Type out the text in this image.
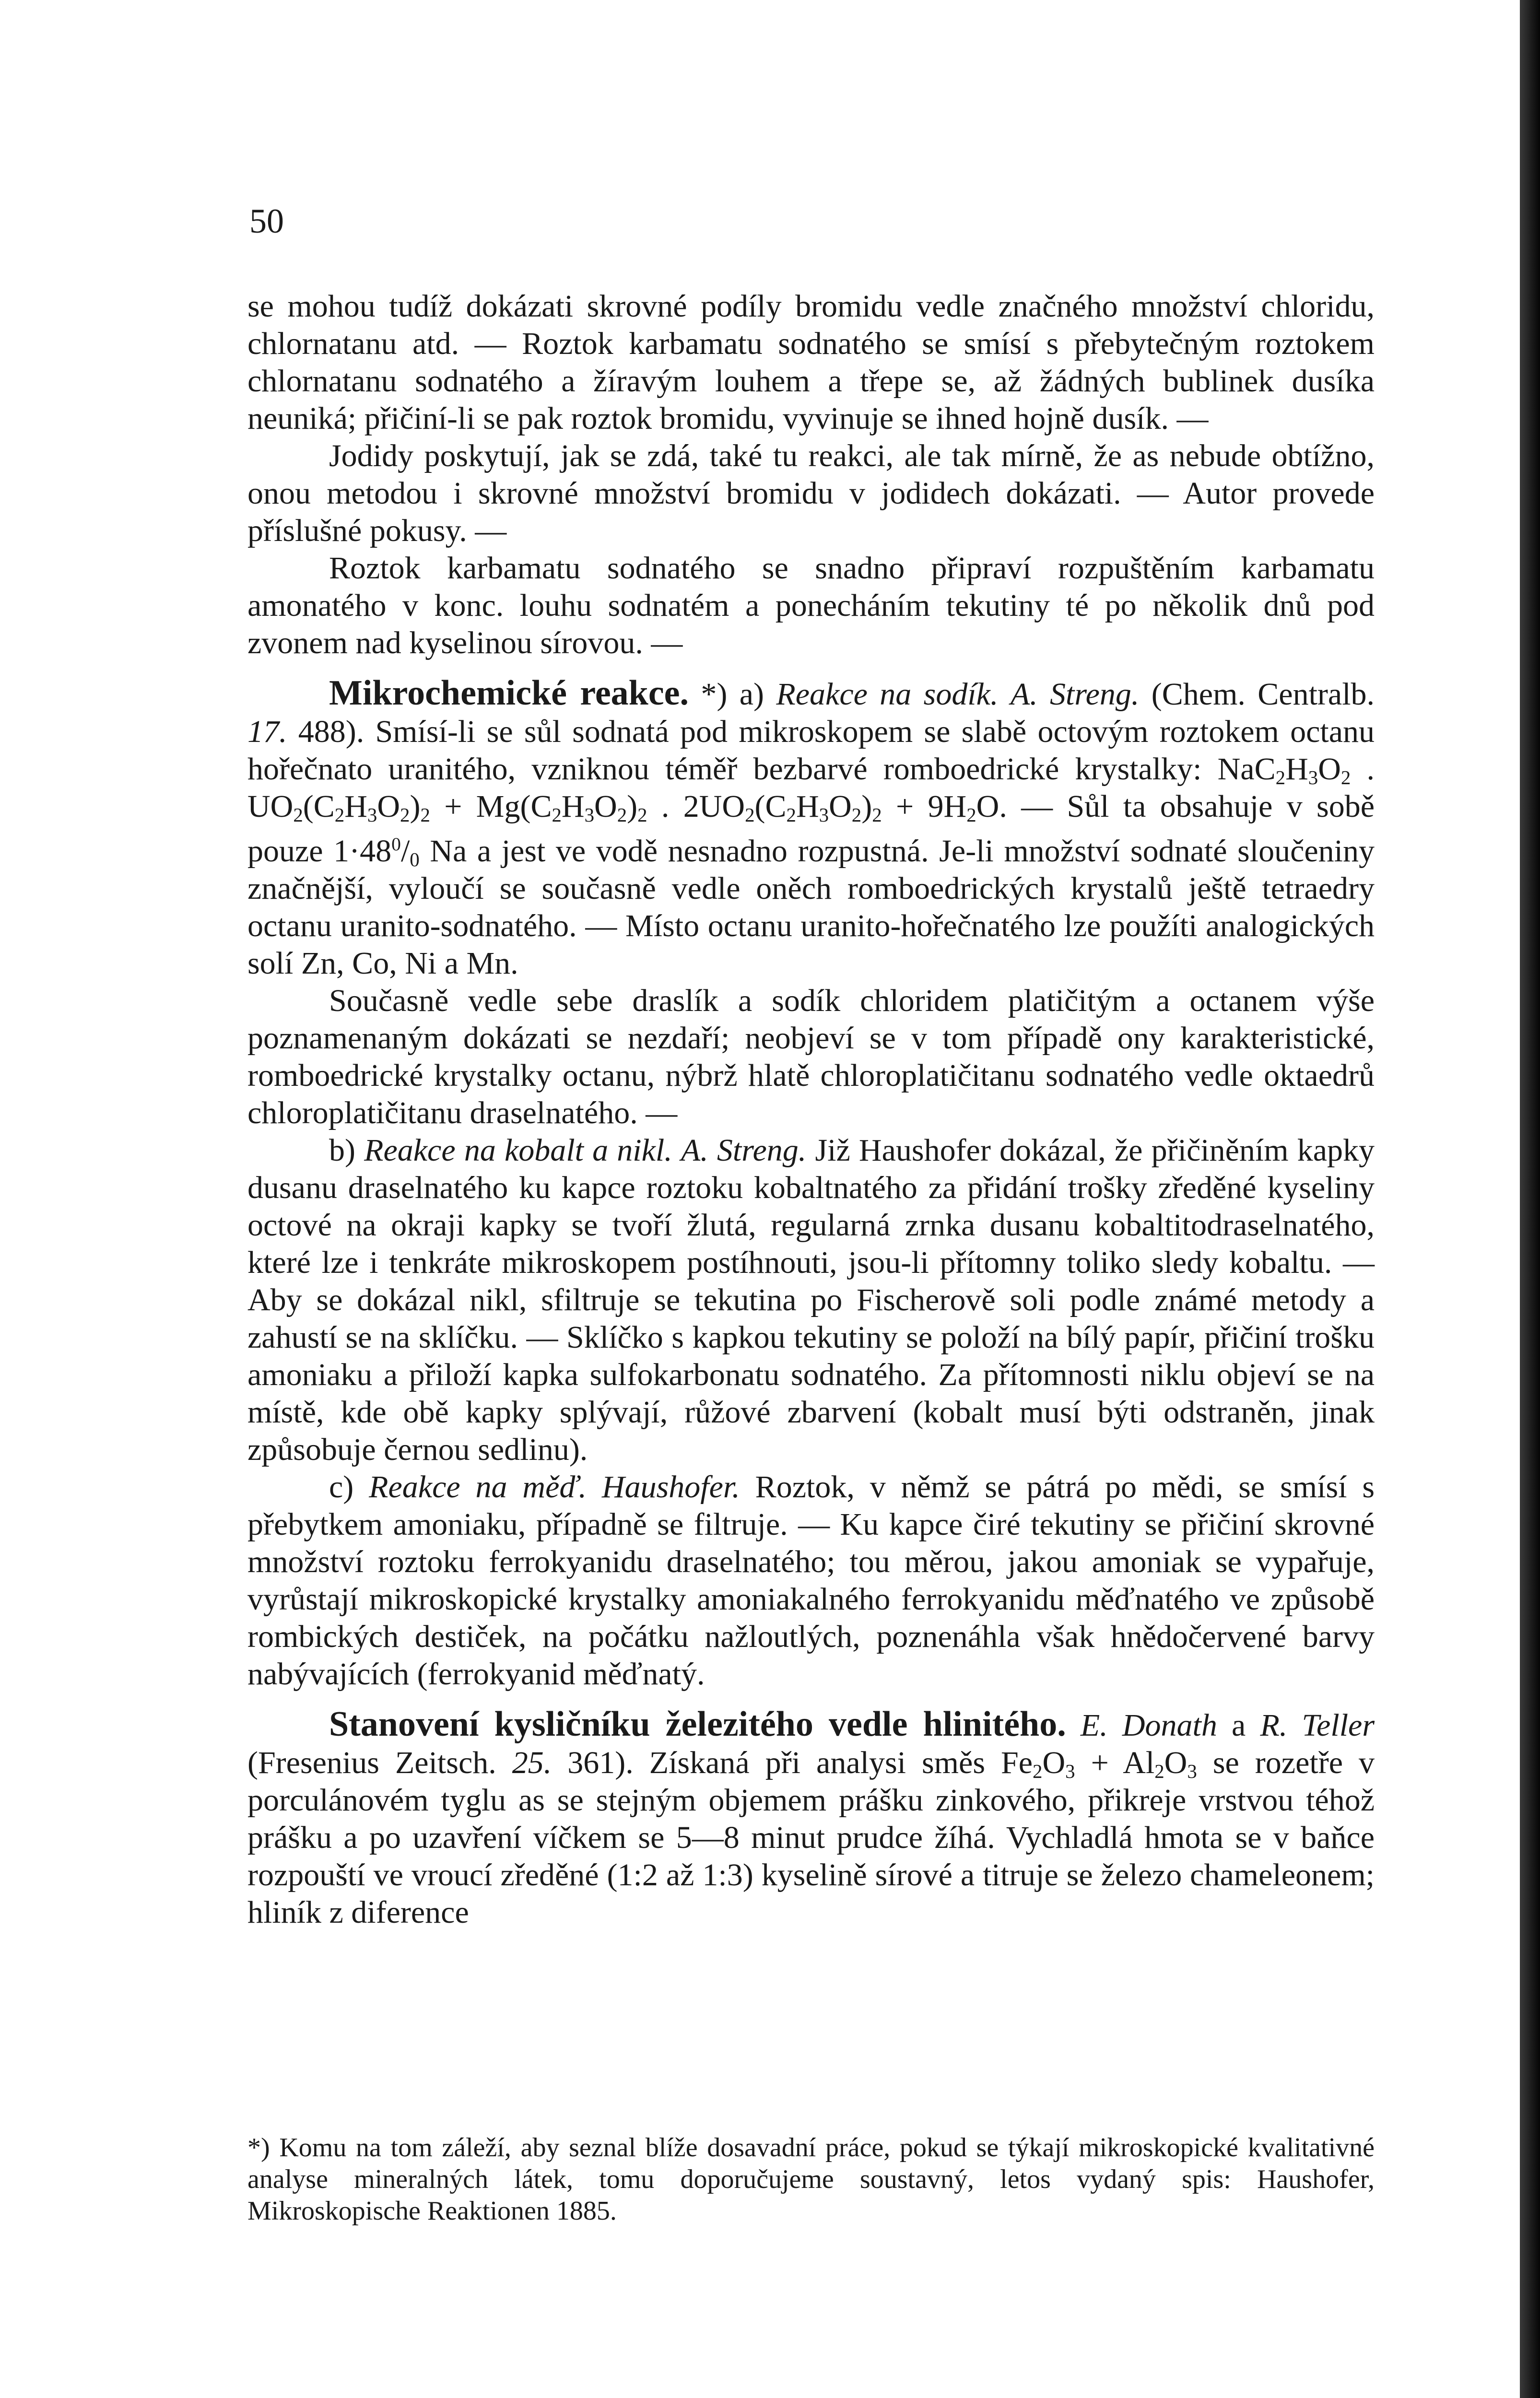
50

se mohou tudíž dokázati skrovné podíly bromidu vedle značného množství chloridu, chlornatanu atd. — Roztok karbamatu sodnatého se smísí s přebytečným roztokem chlornatanu sodnatého a žíravým louhem a třepe se, až žádných bublinek dusíka neuniká; přičiní-li se pak roztok bromidu, vyvinuje se ihned hojně dusík. —

Jodidy poskytují, jak se zdá, také tu reakci, ale tak mírně, že as nebude obtížno, onou metodou i skrovné množství bromidu v jodidech dokázati. — Autor provede příslušné pokusy. —

Roztok karbamatu sodnatého se snadno připraví rozpuštěním karbamatu amonatého v konc. louhu sodnatém a ponecháním tekutiny té po několik dnů pod zvonem nad kyselinou sírovou. —

Mikrochemické reakce. *) a) Reakce na sodík. A. Streng. (Chem. Centralb. 17. 488). Smísí-li se sůl sodnatá pod mikroskopem se slabě octovým roztokem octanu hořečnato uranitého, vzniknou téměř bezbarvé romboedrické krystalky: $NaC_2H_3O_2$ . $UO_2(C_2H_3O_2)_2 + Mg(C_2H_3O_2)_2$ . $2UO_2(C_2H_3O_2)_2 + 9H_2O$. — Sůl ta obsahuje v sobě pouze $1\cdot 48^0/_0$ Na a jest ve vodě nesnadno rozpustná. Je-li množství sodnaté sloučeniny značnější, vyloučí se současně vedle oněch romboedrických krystalů ještě tetraedry octanu uranito-sodnatého. — Místo octanu uranito-hořečnatého lze použíti analogických solí Zn, Co, Ni a Mn.

Současně vedle sebe draslík a sodík chloridem platičitým a octanem výše poznamenaným dokázati se nezdaří; neobjeví se v tom případě ony karakteristické, romboedrické krystalky octanu, nýbrž hlatě chloroplatičitanu sodnatého vedle oktaedrů chloroplatičitanu draselnatého. —

b) Reakce na kobalt a nikl. A. Streng. Již Haushofer dokázal, že přičiněním kapky dusanu draselnatého ku kapce roztoku kobaltnatého za přidání trošky zředěné kyseliny octové na okraji kapky se tvoří žlutá, regularná zrnka dusanu kobaltitodraselnatého, které lze i tenkráte mikroskopem postíhnouti, jsou-li přítomny toliko sledy kobaltu. — Aby se dokázal nikl, sfiltruje se tekutina po Fischerově soli podle známé metody a zahustí se na sklíčku. — Sklíčko s kapkou tekutiny se položí na bílý papír, přičiní trošku amoniaku a přiloží kapka sulfokarbonatu sodnatého. Za přítomnosti niklu objeví se na místě, kde obě kapky splývají, růžové zbarvení (kobalt musí býti odstraněn, jinak způsobuje černou sedlinu).

c) Reakce na měď. Haushofer. Roztok, v němž se pátrá po mědi, se smísí s přebytkem amoniaku, případně se filtruje. — Ku kapce čiré tekutiny se přičiní skrovné množství roztoku ferrokyanidu draselnatého; tou měrou, jakou amoniak se vypařuje, vyrůstají mikroskopické krystalky amoniakalného ferrokyanidu měďnatého ve způsobě rombických destiček, na počátku nažloutlých, poznenáhla však hnědočervené barvy nabývajících (ferrokyanid měďnatý.

Stanovení kysličníku železitého vedle hlinitého. E. Donath a R. Teller (Fresenius Zeitsch. 25. 361). Získaná při analysi směs $Fe_2O_3 + Al_2O_3$ se rozetře v porculánovém tyglu as se stejným objemem prášku zinkového, přikreje vrstvou téhož prášku a po uzavření víčkem se 5—8 minut prudce žíhá. Vychladlá hmota se v baňce rozpouští ve vroucí zředěné (1:2 až 1:3) kyselině sírové a titruje se železo chameleonem; hliník z diference

*) Komu na tom záleží, aby seznal blíže dosavadní práce, pokud se týkají mikroskopické kvalitativné analyse mineralných látek, tomu doporučujeme soustavný, letos vydaný spis: Haushofer, Mikroskopische Reaktionen 1885.
